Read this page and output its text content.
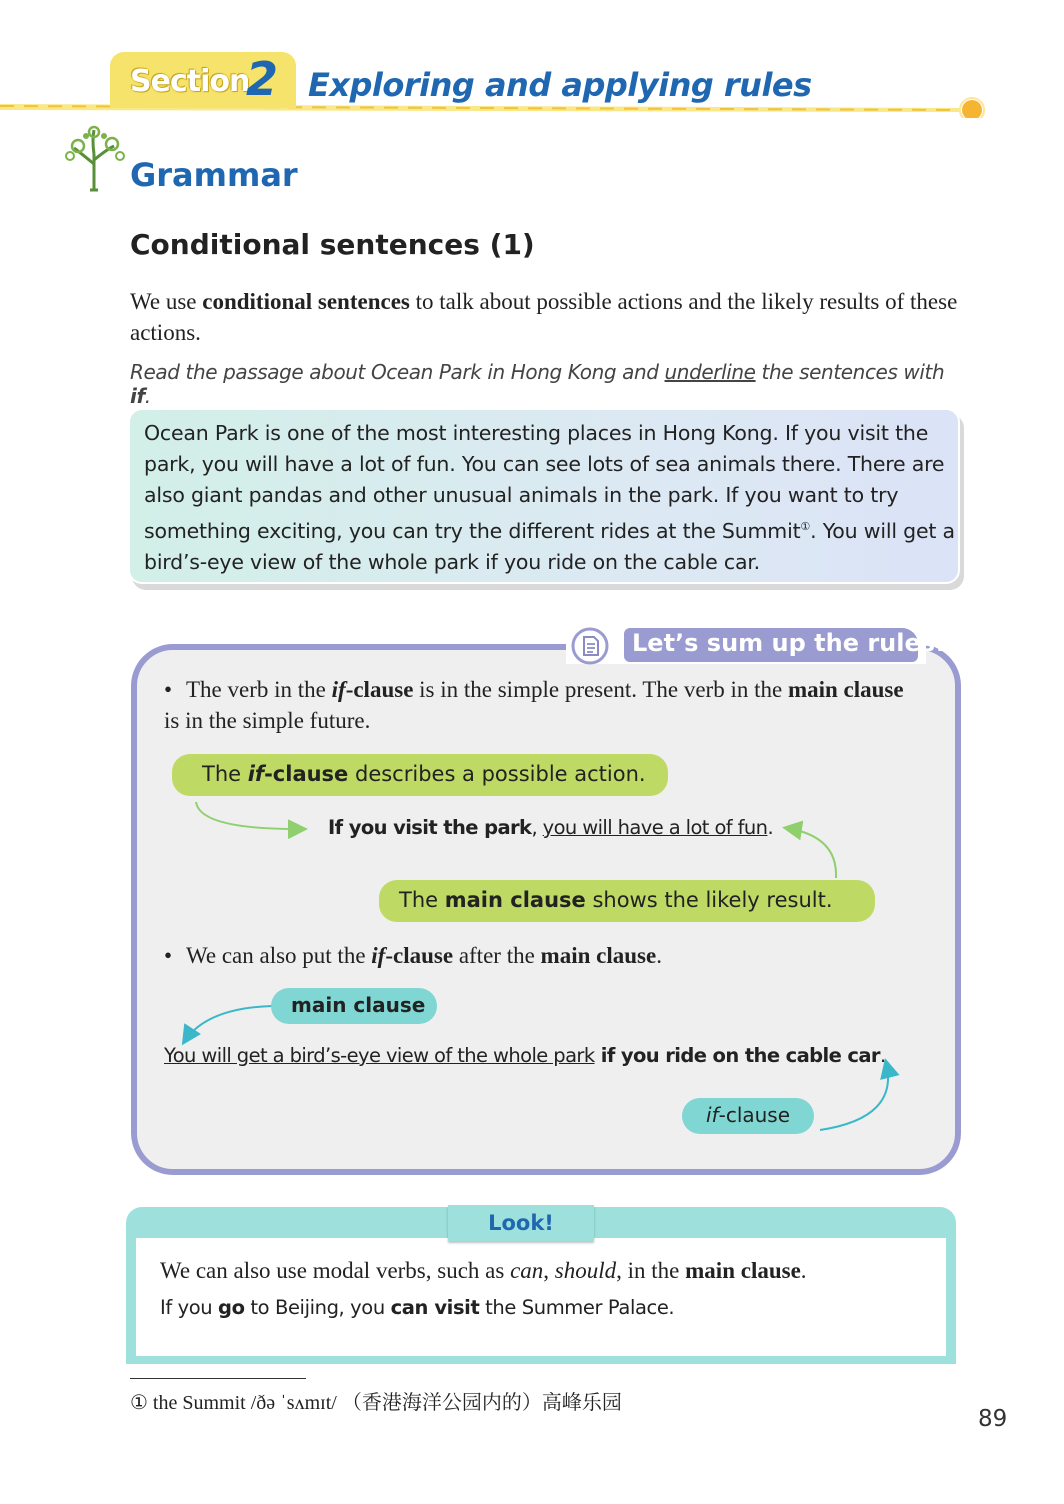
Section
2 Exploring and applying rules
Grammar
Conditional sentences (1)
We use conditional sentences to talk about possible actions and the likely results of these actions.
Read the passage about Ocean Park in Hong Kong and underline the sentences with if.
Ocean Park is one of the most interesting places in Hong Kong. If you visit the park, you will have a lot of fun. You can see lots of sea animals there. There are also giant pandas and other unusual animals in the park. If you want to try something exciting, you can try the different rides at the Summit①. You will get a bird’s-eye view of the whole park if you ride on the cable car.
Let’s sum up the rules!
• The verb in the if-clause is in the simple present. The verb in the main clause is in the simple future.
The if-clause describes a possible action.
If you visit the park, you will have a lot of fun.
The main clause shows the likely result.
• We can also put the if-clause after the main clause.
main clause
You will get a bird’s-eye view of the whole park if you ride on the cable car.
if-clause
Look!
We can also use modal verbs, such as can, should, in the main clause.
If you go to Beijing, you can visit the Summer Palace.
① the Summit /ðə ˈsʌmɪt/ （香港海洋公园内的）高峰乐园
89
